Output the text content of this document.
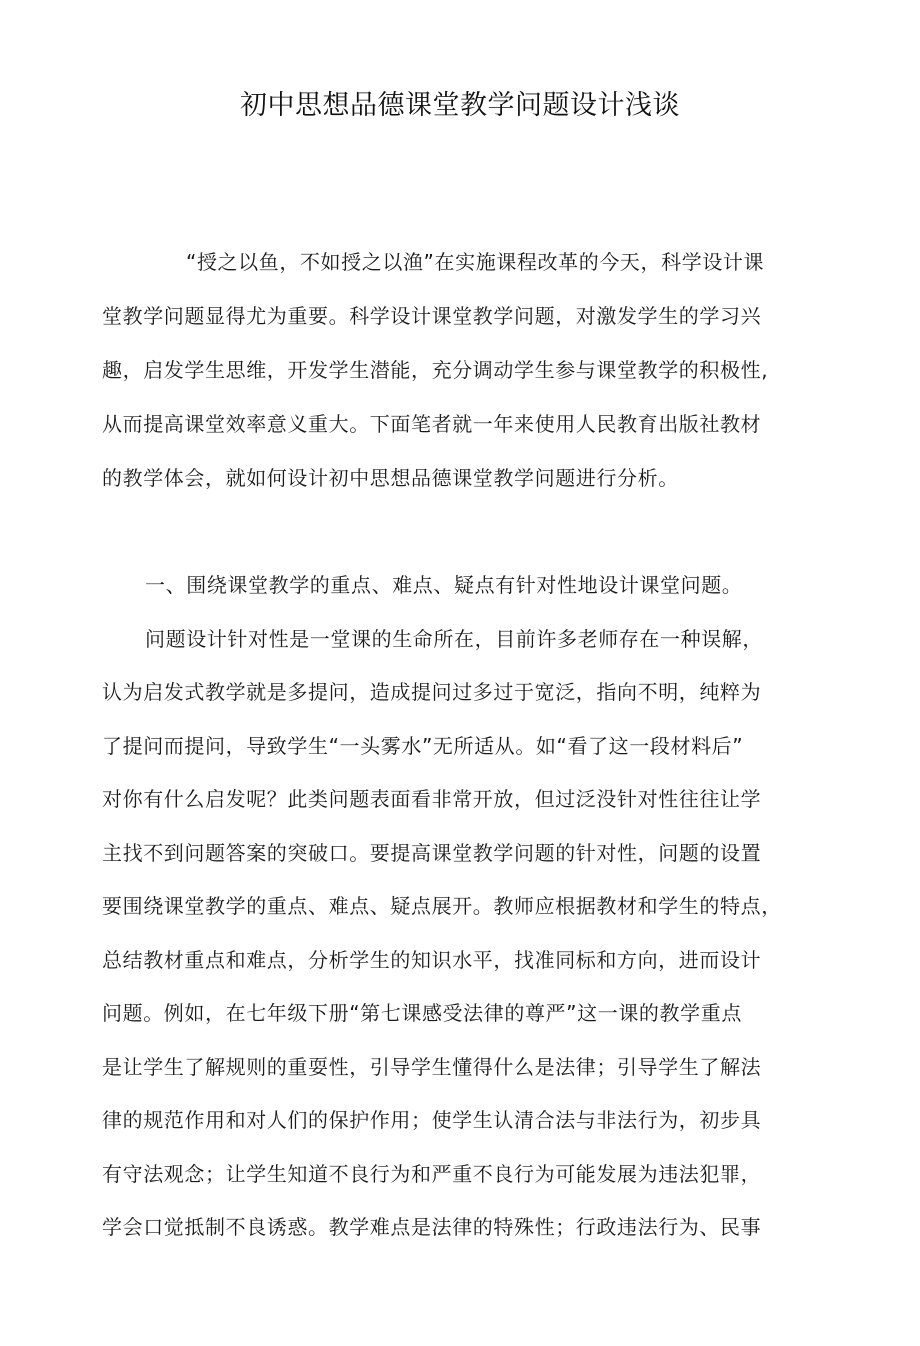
初中思想品德课堂教学问题设计浅谈

“授之以鱼，不如授之以渔”在实施课程改革的今天，科学设计课

堂教学问题显得尤为重要。科学设计课堂教学问题，对激发学生的学习兴

趣，启发学生思维，开发学生潜能，充分调动学生参与课堂教学的积极性,

从而提高课堂效率意义重大。下面笔者就一年来使用人民教育出版社教材

的教学体会，就如何设计初中思想品德课堂教学问题进行分析。

一、围绕课堂教学的重点、难点、疑点有针对性地设计课堂问题。

问题设计针对性是一堂课的生命所在，目前许多老师存在一种误解，

认为启发式教学就是多提问，造成提问过多过于宽泛，指向不明，纯粹为

了提问而提问，导致学生“一头雾水”无所适从。如“看了这一段材料后”

对你有什么启发呢？此类问题表面看非常开放，但过泛没针对性往往让学

主找不到问题答案的突破口。要提高课堂教学问题的针对性，问题的设置

要围绕课堂教学的重点、难点、疑点展开。教师应根据教材和学生的特点，

总结教材重点和难点，分析学生的知识水平，找准同标和方向，进而设计

问题。例如，在七年级下册“第七课感受法律的尊严”这一课的教学重点

是让学生了解规则的重耍性，引导学生懂得什么是法律；引导学生了解法

律的规范作用和对人们的保护作用；使学生认清合法与非法行为，初步具

有守法观念；让学生知道不良行为和严重不良行为可能发展为违法犯罪，

学会口觉抵制不良诱惑。教学难点是法律的特殊性；行政违法行为、民事
